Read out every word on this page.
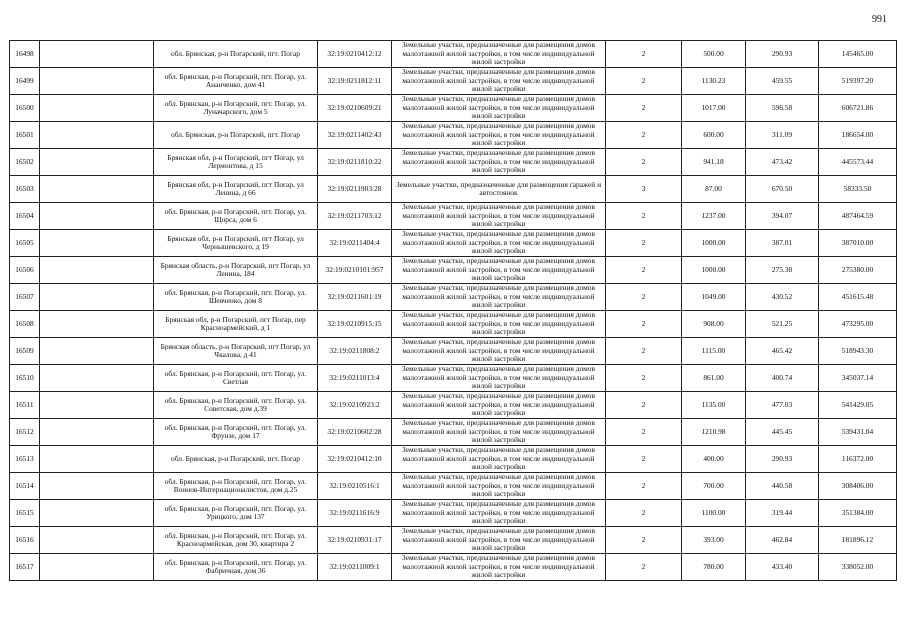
991
16498		обл. Брянская, р-н Погарский, пгт. Погар	32:19:0210412:12	Земельные участки, предназначенные для размещения домов малоэтажной жилой застройки, в том числе индивидуальной жилой застройки	2	500.00	290.93	145465.00
16499		обл. Брянская, р-н Погарский, пгт. Погар, ул. Ананченко, дом 41	32:19:0211812:11	Земельные участки, предназначенные для размещения домов малоэтажной жилой застройки, в том числе индивидуальной жилой застройки	2	1130.23	459.55	519397.20
16500		обл. Брянская, р-н Погарский, пгт. Погар, ул. Луначарского, дом 5	32:19:0210609:21	Земельные участки, предназначенные для размещения домов малоэтажной жилой застройки, в том числе индивидуальной жилой застройки	2	1017.00	596.58	606721.86
16501		обл. Брянская, р-н Погарский, пгт. Погар	32:19:0211402:43	Земельные участки, предназначенные для размещения домов малоэтажной жилой застройки, в том числе индивидуальной жилой застройки	2	600.00	311.09	186654.00
16502		Брянская обл, р-н Погарский, пгт Погар, ул Лермонтова, д 15	32:19:0211810:22	Земельные участки, предназначенные для размещения домов малоэтажной жилой застройки, в том числе индивидуальной жилой застройки	2	941.18	473.42	445573.44
16503		Брянская обл, р-н Погарский, пгт Погар, ул Ленина, д 66	32:19:0211903:28	Земельные участки, предназначенные для размещения гаражей и автостоянок	3	87.00	670.50	58333.50
16504		обл. Брянская, р-н Погарский, пгт. Погар, ул. Щорса, дом 6	32:19:0211703:12	Земельные участки, предназначенные для размещения домов малоэтажной жилой застройки, в том числе индивидуальной жилой застройки	2	1237.00	394.07	487464.59
16505		Брянская обл, р-н Погарский, пгт Погар, ул Чернышевского, д 19	32:19:0211404:4	Земельные участки, предназначенные для размещения домов малоэтажной жилой застройки, в том числе индивидуальной жилой застройки	2	1000.00	387.01	387010.00
16506		Брянская область, р-н Погарский, пгт Погар, ул Ленина, 184	32:19:0210101:957	Земельные участки, предназначенные для размещения домов малоэтажной жилой застройки, в том числе индивидуальной жилой застройки	2	1000.00	275.38	275380.00
16507		обл. Брянская, р-н Погарский, пгт. Погар, ул. Шевченко, дом 8	32:19:0211601:19	Земельные участки, предназначенные для размещения домов малоэтажной жилой застройки, в том числе индивидуальной жилой застройки	2	1049.00	430.52	451615.48
16508		Брянская обл, р-н Погарский, пгт Погар, пер Красноармейский, д 1	32:19:0210915:15	Земельные участки, предназначенные для размещения домов малоэтажной жилой застройки, в том числе индивидуальной жилой застройки	2	908.00	521.25	473295.00
16509		Брянская область, р-н Погарский, пгт Погар, ул Чкалова, д 41	32:19:0211808:2	Земельные участки, предназначенные для размещения домов малоэтажной жилой застройки, в том числе индивидуальной жилой застройки	2	1115.00	465.42	518943.30
16510		обл. Брянская, р-н Погарский, пгт. Погар, ул. Светлая	32:19:0211013:4	Земельные участки, предназначенные для размещения домов малоэтажной жилой застройки, в том числе индивидуальной жилой застройки	2	861.00	400.74	345037.14
16511		обл. Брянская, р-н Погарский, пгт. Погар, ул. Советская, дом д.39	32:19:0210923:2	Земельные участки, предназначенные для размещения домов малоэтажной жилой застройки, в том числе индивидуальной жилой застройки	2	1135.00	477.03	541429.05
16512		обл. Брянская, р-н Погарский, пгт. Погар, ул. Фрунзе, дом 17	32:19:0210602:28	Земельные участки, предназначенные для размещения домов малоэтажной жилой застройки, в том числе индивидуальной жилой застройки	2	1210.98	445.45	539431.04
16513		обл. Брянская, р-н Погарский, пгт. Погар	32:19:0210412:10	Земельные участки, предназначенные для размещения домов малоэтажной жилой застройки, в том числе индивидуальной жилой застройки	2	400.00	290.93	116372.00
16514		обл. Брянская, р-н Погарский, пгт. Погар, ул. Воинов-Интернационалистов, дом д.25	32:19:0210516:1	Земельные участки, предназначенные для размещения домов малоэтажной жилой застройки, в том числе индивидуальной жилой застройки	2	700.00	440.58	308406.00
16515		обл. Брянская, р-н Погарский, пгт. Погар, ул. Урицкого, дом 137	32:19:0211616:9	Земельные участки, предназначенные для размещения домов малоэтажной жилой застройки, в том числе индивидуальной жилой застройки	2	1100.00	319.44	351384.00
16516		обл. Брянская, р-н Погарский, пгт. Погар, ул. Красноармейская, дом 30, квартира 2	32:19:0210931:17	Земельные участки, предназначенные для размещения домов малоэтажной жилой застройки, в том числе индивидуальной жилой застройки	2	393.00	462.84	181896.12
16517		обл. Брянская, р-н Погарский, пгт. Погар, ул. Фабричная, дом 36	32:19:0211009:1	Земельные участки, предназначенные для размещения домов малоэтажной жилой застройки, в том числе индивидуальной жилой застройки	2	780.00	433.40	338052.00
